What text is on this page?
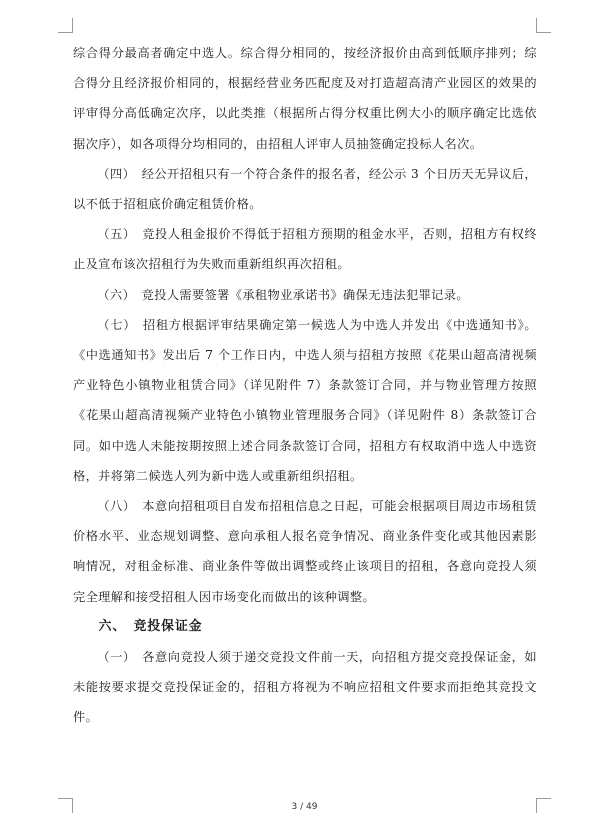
综合得分最高者确定中选人。综合得分相同的，按经济报价由高到低顺序排列；综合得分且经济报价相同的，根据经营业务匹配度及对打造超高清产业园区的效果的评审得分高低确定次序，以此类推（根据所占得分权重比例大小的顺序确定比选依据次序），如各项得分均相同的，由招租人评审人员抽签确定投标人名次。

（四）　经公开招租只有一个符合条件的报名者，经公示 3 个日历天无异议后，以不低于招租底价确定租赁价格。

（五）　竞投人租金报价不得低于招租方预期的租金水平，否则，招租方有权终止及宣布该次招租行为失败而重新组织再次招租。

（六）　竞投人需要签署《承租物业承诺书》确保无违法犯罪记录。

（七）　招租方根据评审结果确定第一候选人为中选人并发出《中选通知书》。《中选通知书》发出后 7 个工作日内，中选人须与招租方按照《花果山超高清视频产业特色小镇物业租赁合同》（详见附件 7）条款签订合同，并与物业管理方按照《花果山超高清视频产业特色小镇物业管理服务合同》（详见附件 8）条款签订合同。如中选人未能按期按照上述合同条款签订合同，招租方有权取消中选人中选资格，并将第二候选人列为新中选人或重新组织招租。

（八）　本意向招租项目自发布招租信息之日起，可能会根据项目周边市场租赁价格水平、业态规划调整、意向承租人报名竞争情况、商业条件变化或其他因素影响情况，对租金标准、商业条件等做出调整或终止该项目的招租，各意向竞投人须完全理解和接受招租人因市场变化而做出的该种调整。

六、　竞投保证金

（一）　各意向竞投人须于递交竞投文件前一天，向招租方提交竞投保证金，如未能按要求提交竞投保证金的，招租方将视为不响应招租文件要求而拒绝其竞投文件。

3 / 49
